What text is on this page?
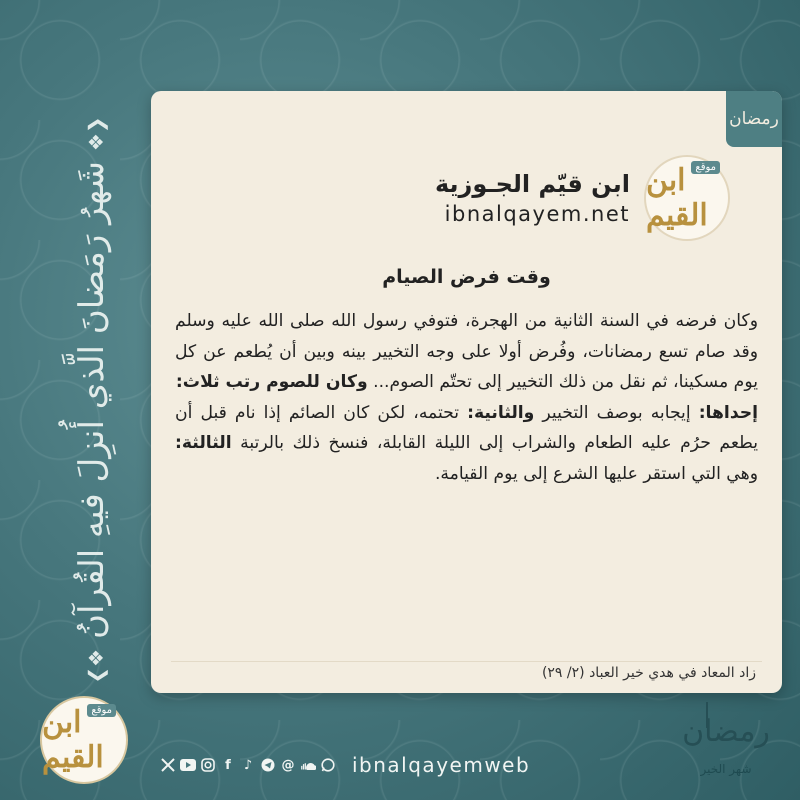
❮❖شَهرُ رَمَضانَ الَّذي أُنزِلَ فيهِ القُرآنُ❖❯	رمضان
ابن قيّم الجـوزية
ibnalqayem.net
موقع
ابن القيم
وقت فرض الصيام

وكان فرضه في السنة الثانية من الهجرة، فتوفي رسول الله صلى الله عليه وسلم وقد صام تسع رمضانات، وفُرض أولا على وجه التخيير بينه وبين أن يُطعم عن كل يوم مسكينا، ثم نقل من ذلك التخيير إلى تحتّم الصوم... وكان للصوم رتب ثلاث:

إحداها: إيجابه بوصف التخيير والثانية: تحتمه، لكن كان الصائم إذا نام قبل أن يطعم حرُم عليه الطعام والشراب إلى الليلة القابلة، فنسخ ذلك بالرتبة الثالثة: وهي التي استقر عليها الشرع إلى يوم القيامة.

زاد المعاد في هدي خير العباد (٢/ ٢٩)
موقع
ابن القيم	f	♪ @	ibnalqayemweb
رمضان
شهر الخير
